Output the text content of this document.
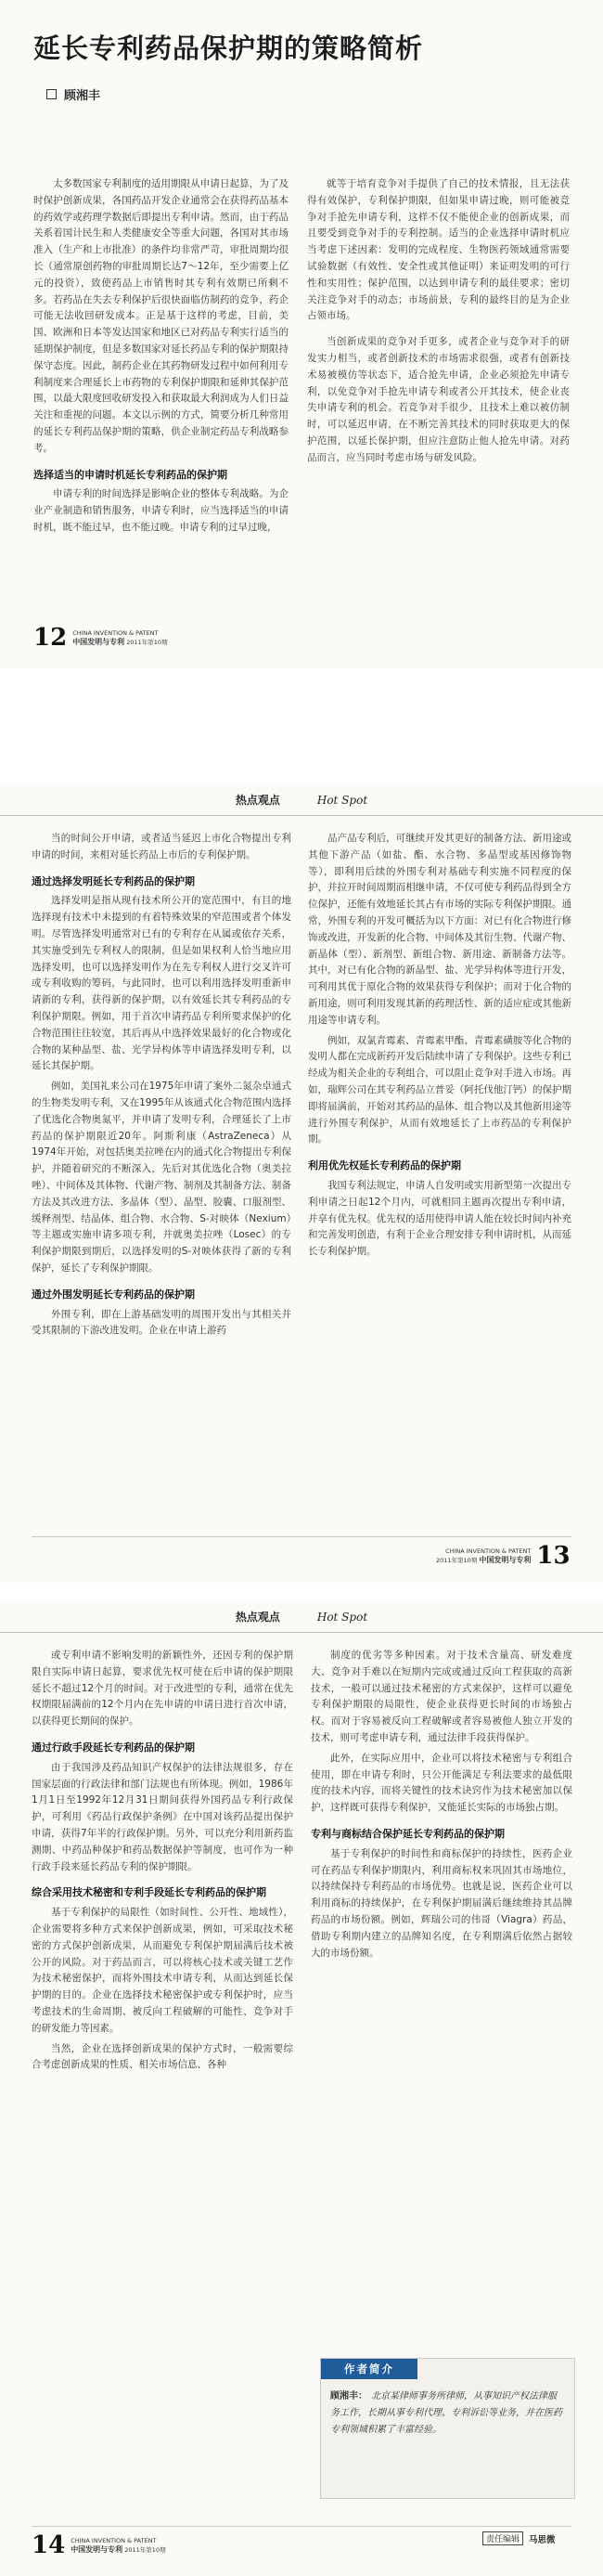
延长专利药品保护期的策略简析
顾湘丰

太多数国家专利制度的适用期限从申请日起算，为了及时保护创新成果，各国药品开发企业通常会在获得药品基本的药效学或药理学数据后即提出专利申请。然而，由于药品关系着国计民生和人类健康安全等重大问题，各国对其市场准入（生产和上市批准）的条件均非常严苛，审批周期均很长（通常原创药物的审批周期长达7～12年，至少需要上亿元的投资），致使药品上市销售时其专利有效期已所剩不多。若药品在失去专利保护后很快面临仿制药的竞争，药企可能无法收回研发成本。正是基于这样的考虑，目前，美国、欧洲和日本等发达国家和地区已对药品专利实行适当的延期保护制度，但是多数国家对延长药品专利的保护期限持保守态度。因此，制药企业在其药物研发过程中如何利用专利制度来合理延长上市药物的专利保护期限和延伸其保护范围，以最大限度回收研发投入和获取最大利润成为人们日益关注和重视的问题。本文以示例的方式，简要分析几种常用的延长专利药品保护期的策略，供企业制定药品专利战略参考。

选择适当的申请时机延长专利药品的保护期

申请专利的时间选择是影响企业的整体专利战略。为企业产业制造和销售服务，申请专利时，应当选择适当的申请时机，既不能过早，也不能过晚。申请专利的过早过晚，

就等于培育竞争对手提供了自己的技术情报，且无法获得有效保护，专利保护期限，但如果申请过晚，则可能被竞争对手抢先申请专利，这样不仅不能使企业的创新成果，而且要受到竞争对手的专利控制。适当的企业选择申请时机应当考虑下述因素：发明的完成程度、生物医药领域通常需要试验数据（有效性、安全性或其他证明）来证明发明的可行性和实用性；保护范围，以达到申请专利的最佳要求；密切关注竞争对手的动态；市场前景，专利的最终目的是为企业占领市场。

当创新成果的竞争对手更多，或者企业与竞争对手的研发实力相当，或者创新技术的市场需求很强，或者有创新技术易被模仿等状态下，适合抢先申请，企业必须抢先申请专利，以免竞争对手抢先申请专利或者公开其技术，使企业丧失申请专利的机会。若竞争对手很少，且技术上难以被仿制时，可以延迟申请，在不断完善其技术的同时获取更大的保护范围，以延长保护期，但应注意防止他人抢先申请。对药品而言，应当同时考虑市场与研发风险。

12 CHINA INVENTION & PATENT
中国发明与专利 2011年第10期
热点观点	Hot Spot

当的时间公开申请，或者适当延迟上市化合物提出专利申请的时间，来相对延长药品上市后的专利保护期。

通过选择发明延长专利药品的保护期

选择发明是指从现有技术所公开的宽范围中，有目的地选择现有技术中未提到的有着特殊效果的窄范围或者个体发明。尽管选择发明通常对已有的专利存在从属或依存关系，其实施受到先专利权人的限制，但是如果权利人恰当地应用选择发明，也可以选择发明作为在先专利权人进行交叉许可或专利收购的筹码，与此同时，也可以利用选择发明重新申请新的专利，获得新的保护期，以有效延长其专利药品的专利保护期限。例如，用于首次申请药品专利所要求保护的化合物范围往往较宽，其后再从中选择效果最好的化合物或化合物的某种晶型、盐、光学异构体等申请选择发明专利，以延长其保护期。

例如，美国礼来公司在1975年申请了案外二氮杂卓通式的生物类发明专利，又在1995年从该通式化合物范围内选择了优选化合物奥氮平，并申请了发明专利，合理延长了上市药品的保护期限近20年。阿斯利康（AstraZeneca）从1974年开始，对包括奥美拉唑在内的通式化合物提出专利保护，并随着研究的不断深入，先后对其优选化合物（奥美拉唑）、中间体及其体物、代谢产物、制剂及其制备方法、制备方法及其改进方法、多晶体（型）、晶型、胶囊、口服剂型、缓释剂型、结晶体、组合物、水合物、S-对映体（Nexium）等主题或实施申请多项专利，并就奥美拉唑（Losec）的专利保护期限到期后，以选择发明的S-对映体获得了新的专利保护，延长了专利保护期限。

通过外围发明延长专利药品的保护期

外围专利，即在上游基础发明的周围开发出与其相关并受其限制的下游改进发明。企业在申请上游药

品产品专利后，可继续开发其更好的制备方法、新用途或其他下游产品（如盐、酯、水合物、多晶型或基因修饰物等），即利用后续的外围专利对基础专利实施不同程度的保护，并拉开时间周期而相继申请，不仅可使专利药品得到全方位保护，还能有效地延长其占有市场的实际专利保护期限。通常，外围专利的开发可概括为以下方面：对已有化合物进行修饰或改进，开发新的化合物、中间体及其衍生物、代谢产物、新晶体（型）、新剂型、新组合物、新用途、新制备方法等。其中，对已有化合物的新晶型、盐、光学异构体等进行开发，可利用其优于原化合物的效果获得专利保护；而对于化合物的新用途，则可利用发现其新的药理活性、新的适应症或其他新用途等申请专利。

例如，双氯青霉素、青霉素甲酯、青霉素磺胺等化合物的发明人都在完成新药开发后陆续申请了专利保护。这些专利已经成为相关企业的专利组合，可以阻止竞争对手进入市场。再如，瑞辉公司在其专利药品立普妥（阿托伐他汀钙）的保护期即将届满前，开始对其药品的晶体、组合物以及其他新用途等进行外围专利保护，从而有效地延长了上市药品的专利保护期。

利用优先权延长专利药品的保护期

我国专利法规定，申请人自发明或实用新型第一次提出专利申请之日起12个月内，可就相同主题再次提出专利申请，并享有优先权。优先权的适用使得申请人能在较长时间内补充和完善发明创造，有利于企业合理安排专利申请时机，从而延长专利保护期。

CHINA INVENTION & PATENT
2011年第10期 中国发明与专利 13
热点观点	Hot Spot

或专利申请不影响发明的新颖性外，还因专利的保护期限自实际申请日起算，要求优先权可使在后申请的保护期限延长不超过12个月的时间。对于改进型的专利，通常在优先权期限届满前的12个月内在先申请的申请日进行首次申请，以获得更长期间的保护。

通过行政手段延长专利药品的保护期

由于我国涉及药品知识产权保护的法律法规很多，存在国家层面的行政法律和部门法规也有所体现。例如，1986年1月1日至1992年12月31日期间获得外国药品专利行政保护，可利用《药品行政保护条例》在中国对该药品提出保护申请，获得7年半的行政保护期。另外，可以充分利用新药监测期、中药品种保护和药品数据保护等制度，也可作为一种行政手段来延长药品专利的保护期限。

综合采用技术秘密和专利手段延长专利药品的保护期

基于专利保护的局限性（如时间性、公开性、地域性），企业需要将多种方式来保护创新成果，例如，可采取技术秘密的方式保护创新成果，从而避免专利保护期届满后技术被公开的风险。对于药品而言，可以将核心技术或关键工艺作为技术秘密保护，而将外围技术申请专利，从而达到延长保护期的目的。企业在选择技术秘密保护或专利保护时，应当考虑技术的生命周期、被反向工程破解的可能性、竞争对手的研发能力等因素。

当然，企业在选择创新成果的保护方式时，一般需要综合考虑创新成果的性质、相关市场信息、各种

制度的优劣等多种因素。对于技术含量高、研发难度大、竞争对手难以在短期内完成或通过反向工程获取的高新技术，一般可以通过技术秘密的方式来保护，这样可以避免专利保护期限的局限性，使企业获得更长时间的市场独占权。而对于容易被反向工程破解或者容易被他人独立开发的技术，则可考虑申请专利，通过法律手段获得保护。

此外，在实际应用中，企业可以将技术秘密与专利组合使用，即在申请专利时，只公开能满足专利法要求的最低限度的技术内容，而将关键性的技术诀窍作为技术秘密加以保护，这样既可获得专利保护，又能延长实际的市场独占期。

专利与商标结合保护延长专利药品的保护期

基于专利保护的时间性和商标保护的持续性，医药企业可在药品专利保护期限内，利用商标权来巩固其市场地位，以持续保持专利药品的市场优势。也就是说，医药企业可以利用商标的持续保护，在专利保护期届满后继续维持其品牌药品的市场份额。例如，辉瑞公司的伟哥（Viagra）药品，借助专利期内建立的品牌知名度，在专利期满后依然占据较大的市场份额。

作者简介
顾湘丰： 北京某律师事务所律师，从事知识产权法律服务工作，长期从事专利代理、专利诉讼等业务，并在医药专利领域积累了丰富经验。
责任编辑	马思微
14 CHINA INVENTION & PATENT
中国发明与专利 2011年第10期
